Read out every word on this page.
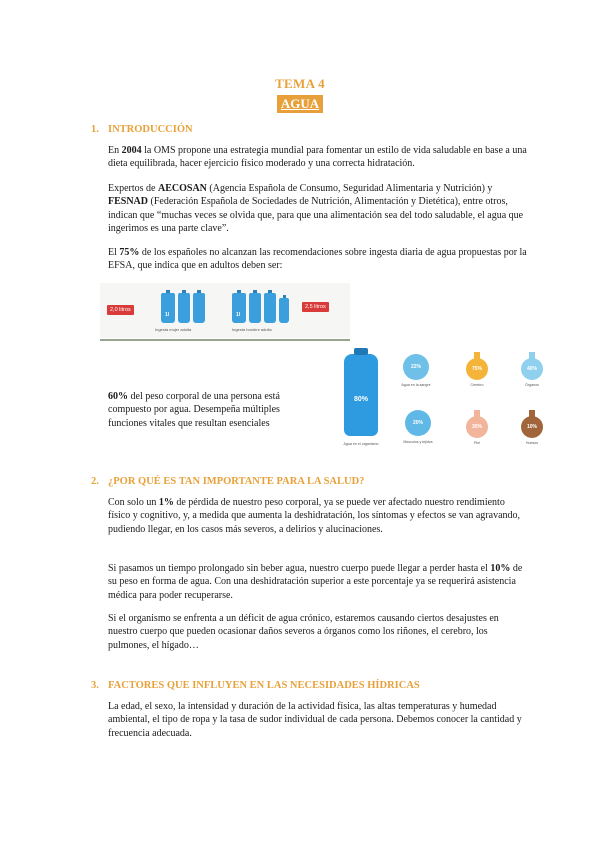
TEMA 4
AGUA
1. INTRODUCCIÓN

En 2004 la OMS propone una estrategia mundial para fomentar un estilo de vida saludable en base a una dieta equilibrada, hacer ejercicio físico moderado y una correcta hidratación.

Expertos de AECOSAN (Agencia Española de Consumo, Seguridad Alimentaria y Nutrición) y FESNAD (Federación Española de Sociedades de Nutrición, Alimentación y Dietética), entre otros, indican que “muchas veces se olvida que, para que una alimentación sea del todo saludable, el agua que ingerimos es una parte clave”.

El 75% de los españoles no alcanzan las recomendaciones sobre ingesta diaria de agua propuestas por la EFSA, que indica que en adultos deben ser:

2,0 litros	2,5 litros
1l	1l
Ingesta mujer adulta	Ingesta hombre adulto
80%
Agua en el organismo
22%
Agua en la sangre
75%
Cerebro
40%
Órganos
20%
Músculos y tejidos
30%
Piel
10%
Huesos

60% del peso corporal de una persona está compuesto por agua. Desempeña múltiples funciones vitales que resultan esenciales

2. ¿POR QUÉ ES TAN IMPORTANTE PARA LA SALUD?

Con solo un 1% de pérdida de nuestro peso corporal, ya se puede ver afectado nuestro rendimiento físico y cognitivo, y, a medida que aumenta la deshidratación, los síntomas y efectos se van agravando, pudiendo llegar, en los casos más severos, a delirios y alucinaciones.

Si pasamos un tiempo prolongado sin beber agua, nuestro cuerpo puede llegar a perder hasta el 10% de su peso en forma de agua. Con una deshidratación superior a este porcentaje ya se requerirá asistencia médica para poder recuperarse.

Si el organismo se enfrenta a un déficit de agua crónico, estaremos causando ciertos desajustes en nuestro cuerpo que pueden ocasionar daños severos a órganos como los riñones, el cerebro, los pulmones, el hígado…

3. FACTORES QUE INFLUYEN EN LAS NECESIDADES HÍDRICAS

La edad, el sexo, la intensidad y duración de la actividad física, las altas temperaturas y humedad ambiental, el tipo de ropa y la tasa de sudor individual de cada persona. Debemos conocer la cantidad y frecuencia adecuada.
